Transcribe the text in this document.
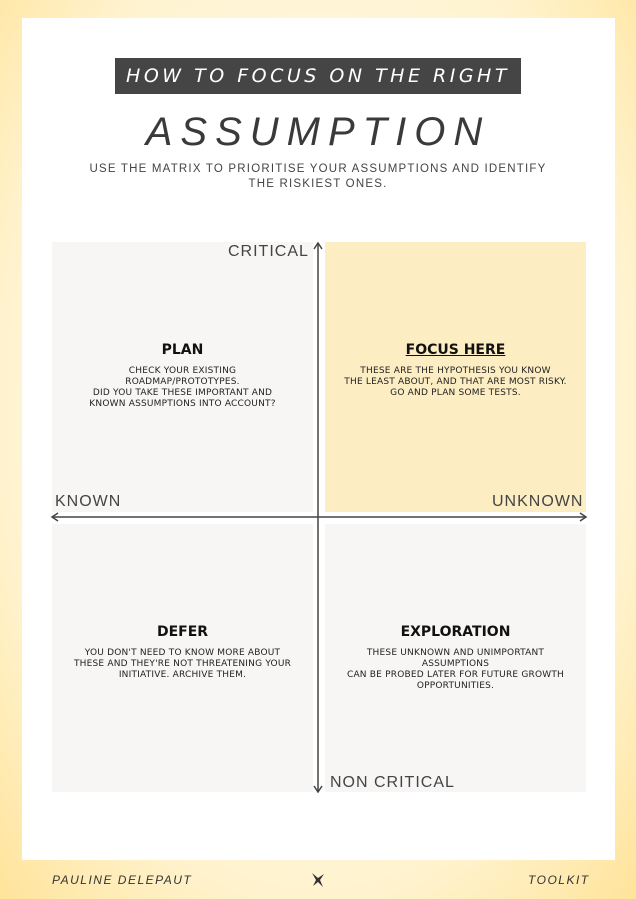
HOW TO FOCUS ON THE RIGHT
ASSUMPTION
USE THE MATRIX TO PRIORITISE YOUR ASSUMPTIONS AND IDENTIFY THE RISKIEST ONES.
PLAN
CHECK YOUR EXISTING
ROADMAP/PROTOTYPES.
DID YOU TAKE THESE IMPORTANT AND
KNOWN ASSUMPTIONS INTO ACCOUNT?
FOCUS HERE
THESE ARE THE HYPOTHESIS YOU KNOW
THE LEAST ABOUT, AND THAT ARE MOST RISKY.
GO AND PLAN SOME TESTS.
DEFER
YOU DON'T NEED TO KNOW MORE ABOUT
THESE AND THEY'RE NOT THREATENING YOUR
INITIATIVE. ARCHIVE THEM.
EXPLORATION
THESE UNKNOWN AND UNIMPORTANT
ASSUMPTIONS
CAN BE PROBED LATER FOR FUTURE GROWTH
OPPORTUNITIES.
CRITICAL
NON CRITICAL
KNOWN	UNKNOWN
PAULINE DELEPAUT	TOOLKIT
